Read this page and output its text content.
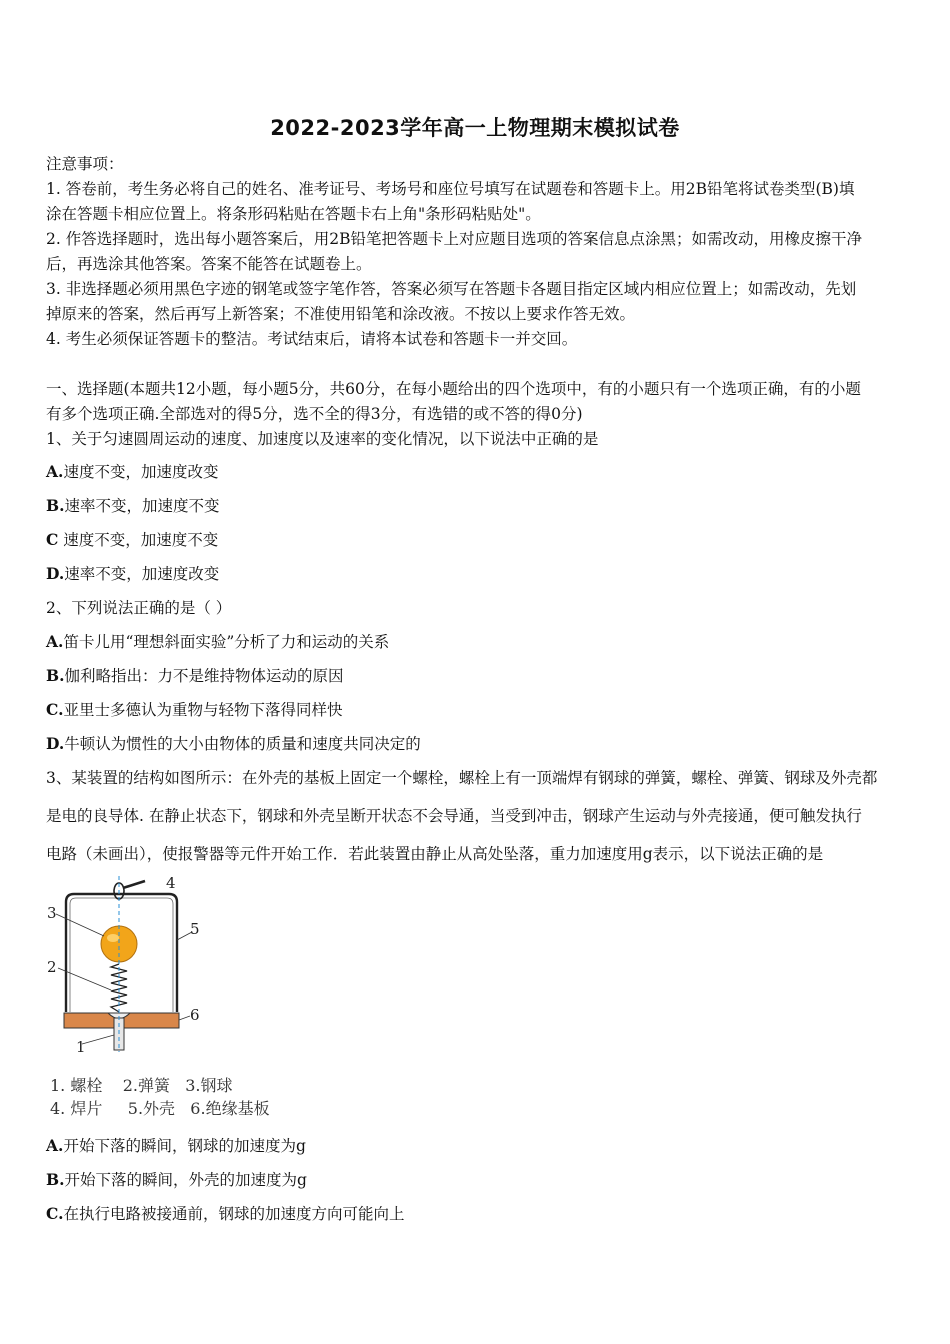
2022-2023学年高一上物理期末模拟试卷
注意事项：
1. 答卷前，考生务必将自己的姓名、准考证号、考场号和座位号填写在试题卷和答题卡上。用2B铅笔将试卷类型(B)填
涂在答题卡相应位置上。将条形码粘贴在答题卡右上角"条形码粘贴处"。
2. 作答选择题时，选出每小题答案后，用2B铅笔把答题卡上对应题目选项的答案信息点涂黑；如需改动，用橡皮擦干净
后，再选涂其他答案。答案不能答在试题卷上。
3. 非选择题必须用黑色字迹的钢笔或签字笔作答，答案必须写在答题卡各题目指定区域内相应位置上；如需改动，先划
掉原来的答案，然后再写上新答案；不准使用铅笔和涂改液。不按以上要求作答无效。
4. 考生必须保证答题卡的整洁。考试结束后，请将本试卷和答题卡一并交回。
一、选择题(本题共12小题，每小题5分，共60分，在每小题给出的四个选项中，有的小题只有一个选项正确，有的小题
有多个选项正确.全部选对的得5分，选不全的得3分，有选错的或不答的得0分)
1、关于匀速圆周运动的速度、加速度以及速率的变化情况，以下说法中正确的是
A.速度不变，加速度改变
B.速率不变，加速度不变
C 速度不变，加速度不变
D.速率不变，加速度改变
2、下列说法正确的是（ ）
A.笛卡儿用“理想斜面实验”分析了力和运动的关系
B.伽利略指出：力不是维持物体运动的原因
C.亚里士多德认为重物与轻物下落得同样快
D.牛顿认为惯性的大小由物体的质量和速度共同决定的
3、某装置的结构如图所示：在外壳的基板上固定一个螺栓，螺栓上有一顶端焊有钢球的弹簧，螺栓、弹簧、钢球及外壳都
是电的良导体. 在静止状态下，钢球和外壳呈断开状态不会导通，当受到冲击，钢球产生运动与外壳接通，便可触发执行
电路（未画出），使报警器等元件开始工作．若此装置由静止从高处坠落，重力加速度用g表示，以下说法正确的是
1
2
3
4
5
6
1. 螺栓    2.弹簧   3.钢球
4. 焊片     5.外壳   6.绝缘基板
A.开始下落的瞬间，钢球的加速度为g
B.开始下落的瞬间，外壳的加速度为g
C.在执行电路被接通前，钢球的加速度方向可能向上
